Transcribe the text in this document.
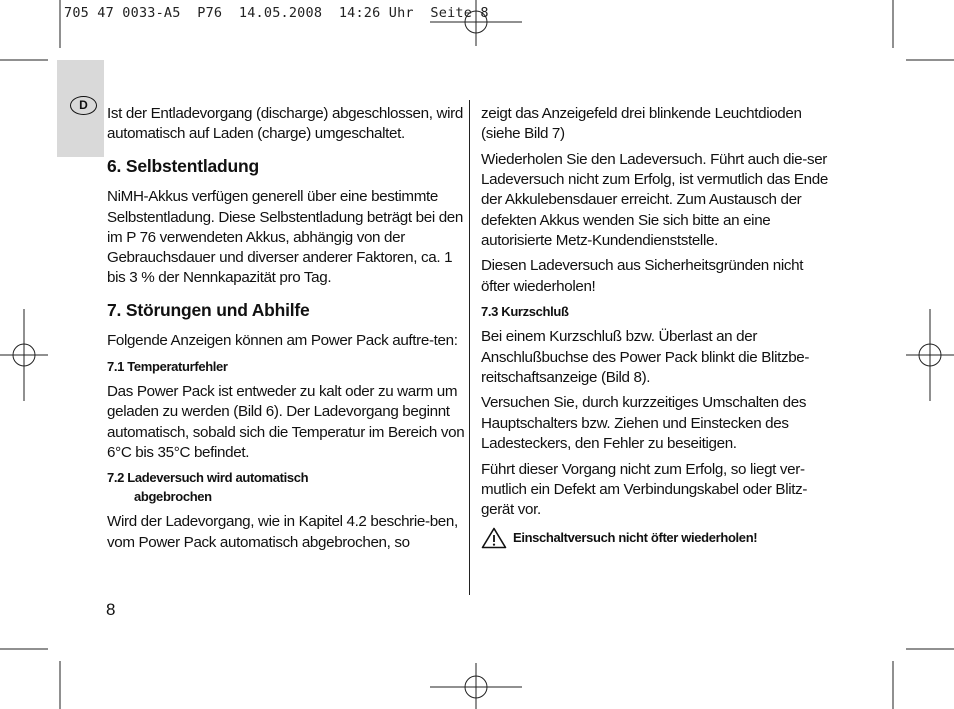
705 47 0033-A5  P76  14.05.2008  14:26 Uhr  Seite 8
D	Ist der Entladevorgang (discharge) abgeschlossen, wird automatisch auf Laden (charge) umgeschaltet.

6. Selbstentladung

NiMH-Akkus verfügen generell über eine bestimmte Selbstentladung. Diese Selbstentladung beträgt bei den im P 76 verwendeten Akkus, abhängig von der Gebrauchsdauer und diverser anderer Faktoren, ca. 1 bis 3 % der Nennkapazität pro Tag.

7. Störungen und Abhilfe

Folgende Anzeigen können am Power Pack auftre-ten:

7.1 Temperaturfehler

Das Power Pack ist entweder zu kalt oder zu warm um geladen zu werden (Bild 6). Der Ladevorgang beginnt automatisch, sobald sich die Temperatur im Bereich von 6°C bis 35°C befindet.

7.2 Ladeversuch wird automatisch
abgebrochen

Wird der Ladevorgang, wie in Kapitel 4.2 beschrie-ben, vom Power Pack automatisch abgebrochen, so

zeigt das Anzeigefeld drei blinkende Leuchtdioden (siehe Bild 7)

Wiederholen Sie den Ladeversuch. Führt auch die-ser Ladeversuch nicht zum Erfolg, ist vermutlich das Ende der Akkulebensdauer erreicht. Zum Austausch der defekten Akkus wenden Sie sich bitte an eine autorisierte Metz-Kundendienststelle.

Diesen Ladeversuch aus Sicherheitsgründen nicht öfter wiederholen!

7.3 Kurzschluß

Bei einem Kurzschluß bzw. Überlast an der Anschlußbuchse des Power Pack blinkt die Blitzbe-reitschaftsanzeige (Bild 8).

Versuchen Sie, durch kurzzeitiges Umschalten des Hauptschalters bzw. Ziehen und Einstecken des Ladesteckers, den Fehler zu beseitigen.

Führt dieser Vorgang nicht zum Erfolg, so liegt ver-mutlich ein Defekt am Verbindungskabel oder Blitz-gerät vor.

Einschaltversuch nicht öfter wiederholen!
8
